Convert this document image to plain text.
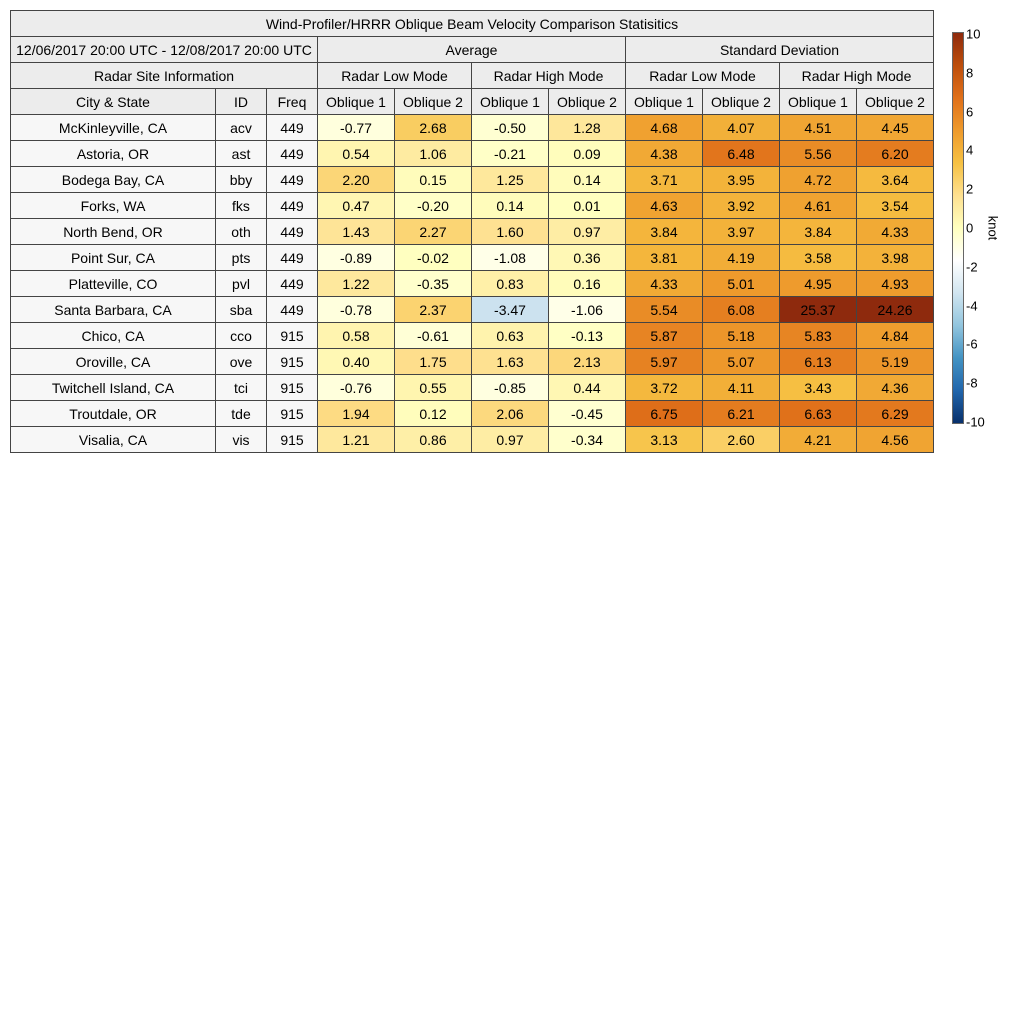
Wind-Profiler/HRRR Oblique Beam Velocity Comparison Statisitics										
12/06/2017 20:00 UTC - 12/08/2017 20:00 UTC			Average				Standard Deviation			
Radar Site Information			Radar Low Mode		Radar High Mode		Radar Low Mode		Radar High Mode	
City & State	ID	Freq	Oblique 1	Oblique 2	Oblique 1	Oblique 2	Oblique 1	Oblique 2	Oblique 1	Oblique 2
McKinleyville, CA	acv	449	-0.77	2.68	-0.50	1.28	4.68	4.07	4.51	4.45
Astoria, OR	ast	449	0.54	1.06	-0.21	0.09	4.38	6.48	5.56	6.20
Bodega Bay, CA	bby	449	2.20	0.15	1.25	0.14	3.71	3.95	4.72	3.64
Forks, WA	fks	449	0.47	-0.20	0.14	0.01	4.63	3.92	4.61	3.54
North Bend, OR	oth	449	1.43	2.27	1.60	0.97	3.84	3.97	3.84	4.33
Point Sur, CA	pts	449	-0.89	-0.02	-1.08	0.36	3.81	4.19	3.58	3.98
Platteville, CO	pvl	449	1.22	-0.35	0.83	0.16	4.33	5.01	4.95	4.93
Santa Barbara, CA	sba	449	-0.78	2.37	-3.47	-1.06	5.54	6.08	25.37	24.26
Chico, CA	cco	915	0.58	-0.61	0.63	-0.13	5.87	5.18	5.83	4.84
Oroville, CA	ove	915	0.40	1.75	1.63	2.13	5.97	5.07	6.13	5.19
Twitchell Island, CA	tci	915	-0.76	0.55	-0.85	0.44	3.72	4.11	3.43	4.36
Troutdale, OR	tde	915	1.94	0.12	2.06	-0.45	6.75	6.21	6.63	6.29
Visalia, CA	vis	915	1.21	0.86	0.97	-0.34	3.13	2.60	4.21	4.56
10
8
6
4
2
0
-2
-4
-6
-8
-10
knot
